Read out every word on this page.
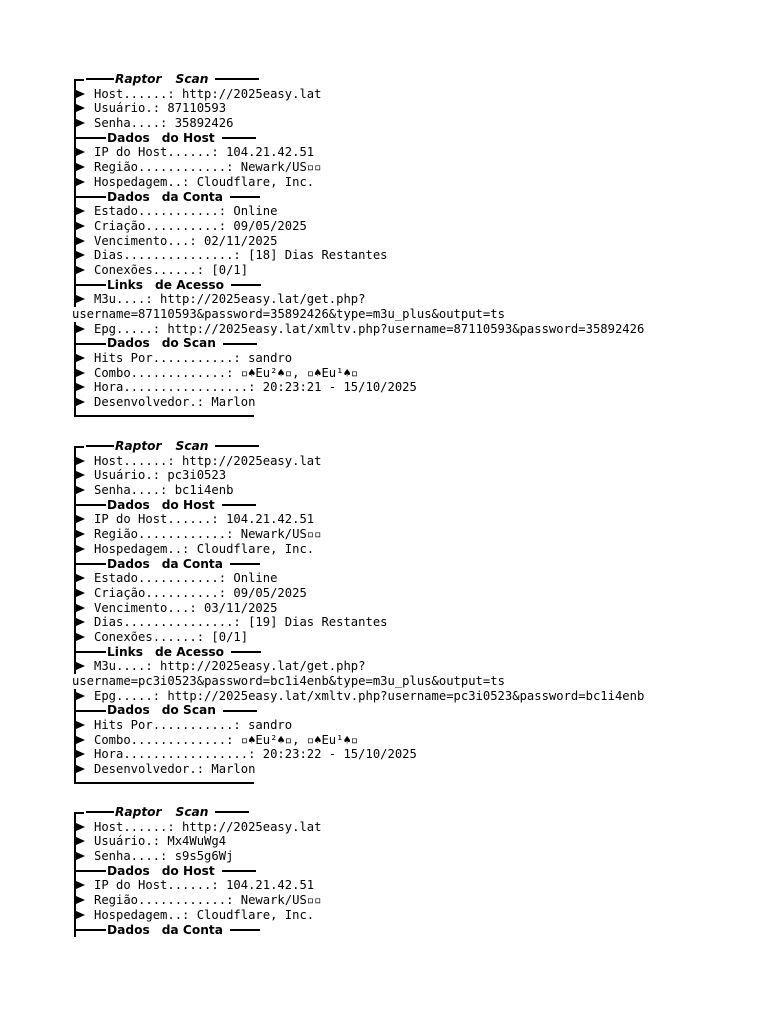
Raptor Scan
Host......: http://2025easy.lat
Usuário.: 87110593
Senha....: 35892426
Dados do Host
IP do Host......: 104.21.42.51
Região............: Newark/US▫▫
Hospedagem..: Cloudflare, Inc.
Dados da Conta
Estado...........: Online
Criação..........: 09/05/2025
Vencimento...: 02/11/2025
Dias...............: [18] Dias Restantes
Conexões......: [0/1]
Links de Acesso
M3u....: http://2025easy.lat/get.php?
username=87110593&password=35892426&type=m3u_plus&output=ts
Epg.....: http://2025easy.lat/xmltv.php?username=87110593&password=35892426
Dados do Scan
Hits Por...........: sandro
Combo.............: ▫♠Eu²♠▫, ▫♠Eu¹♠▫
Hora.................: 20:23:21 - 15/10/2025
Desenvolvedor.: Marlon
Raptor Scan
Host......: http://2025easy.lat
Usuário.: pc3i0523
Senha....: bc1i4enb
Dados do Host
IP do Host......: 104.21.42.51
Região............: Newark/US▫▫
Hospedagem..: Cloudflare, Inc.
Dados da Conta
Estado...........: Online
Criação..........: 09/05/2025
Vencimento...: 03/11/2025
Dias...............: [19] Dias Restantes
Conexões......: [0/1]
Links de Acesso
M3u....: http://2025easy.lat/get.php?
username=pc3i0523&password=bc1i4enb&type=m3u_plus&output=ts
Epg.....: http://2025easy.lat/xmltv.php?username=pc3i0523&password=bc1i4enb
Dados do Scan
Hits Por...........: sandro
Combo.............: ▫♠Eu²♠▫, ▫♠Eu¹♠▫
Hora.................: 20:23:22 - 15/10/2025
Desenvolvedor.: Marlon
Raptor Scan
Host......: http://2025easy.lat
Usuário.: Mx4WuWg4
Senha....: s9s5g6Wj
Dados do Host
IP do Host......: 104.21.42.51
Região............: Newark/US▫▫
Hospedagem..: Cloudflare, Inc.
Dados da Conta
